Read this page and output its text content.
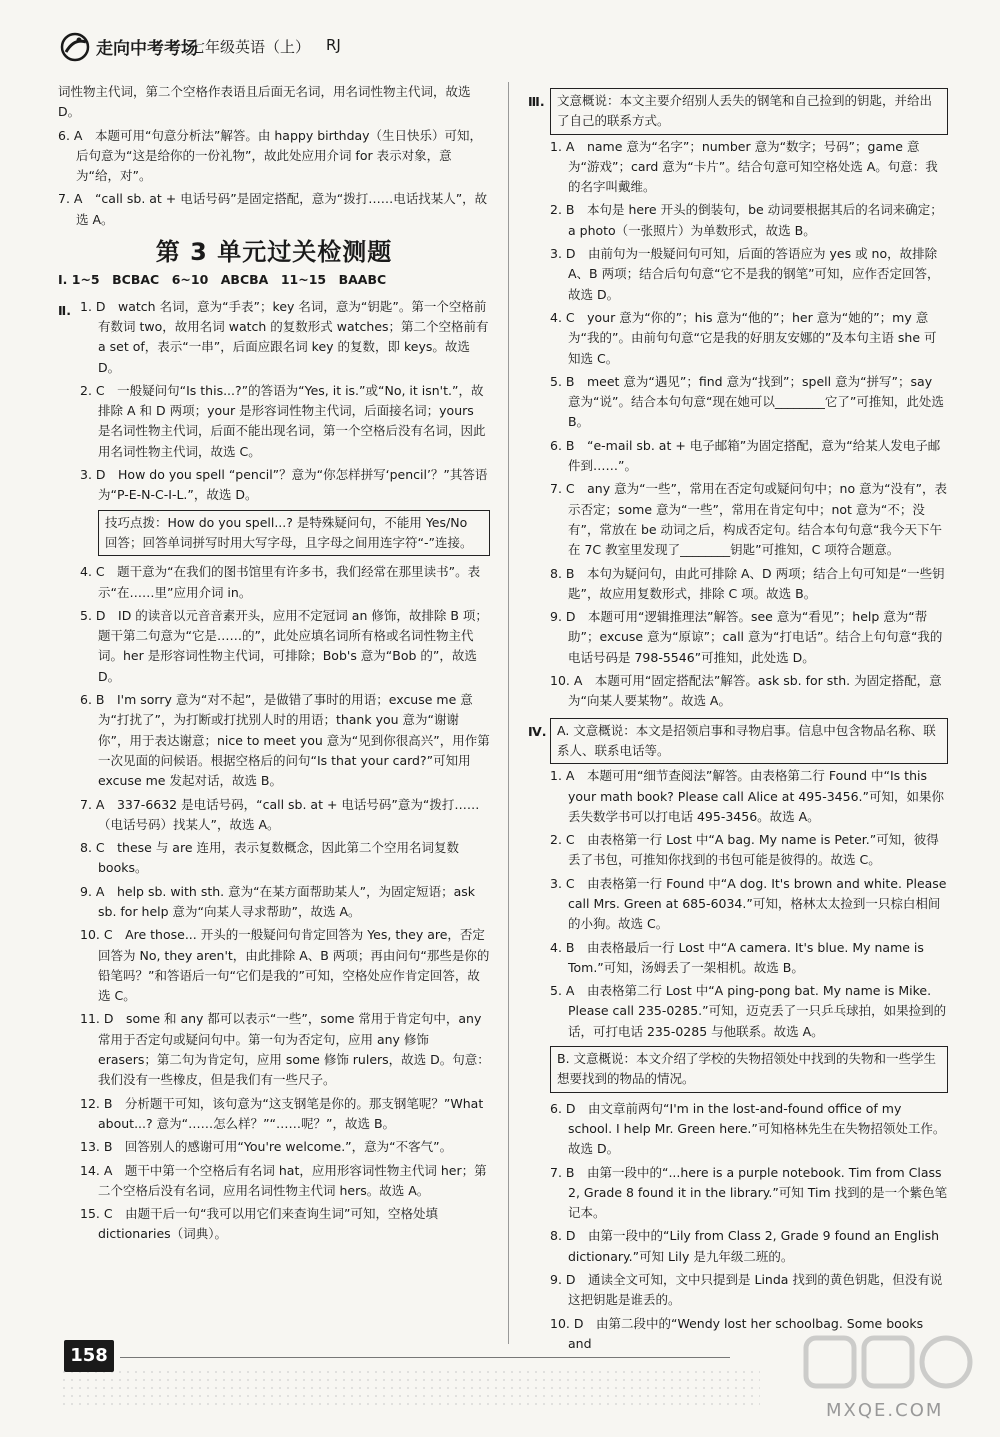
走向中考考场
七年级英语（上） RJ

词性物主代词，第二个空格作表语且后面无名词，用名词性物主代词，故选 D。

6. A　本题可用“句意分析法”解答。由 happy birthday（生日快乐）可知，后句意为“这是给你的一份礼物”，故此处应用介词 for 表示对象，意为“给，对”。

7. A　“call sb. at + 电话号码”是固定搭配，意为“拨打……电话找某人”，故选 A。

第 3 单元过关检测题

Ⅰ. 1~5　BCBAC　6~10　ABCBA　11~15　BAABC

Ⅱ. 1. D　watch 名词，意为“手表”；key 名词，意为“钥匙”。第一个空格前有数词 two，故用名词 watch 的复数形式 watches；第二个空格前有 a set of，表示“一串”，后面应跟名词 key 的复数，即 keys。故选 D。

2. C　一般疑问句“Is this...?”的答语为“Yes, it is.”或“No, it isn't.”，故排除 A 和 D 两项；your 是形容词性物主代词，后面接名词；yours 是名词性物主代词，后面不能出现名词，第一个空格后没有名词，因此用名词性物主代词，故选 C。

3. D　How do you spell “pencil”？意为“你怎样拼写‘pencil’？”其答语为“P-E-N-C-I-L.”，故选 D。

技巧点拨：How do you spell...? 是特殊疑问句，不能用 Yes/No 回答；回答单词拼写时用大写字母，且字母之间用连字符“-”连接。

4. C　题干意为“在我们的图书馆里有许多书，我们经常在那里读书”。表示“在……里”应用介词 in。

5. D　ID 的读音以元音音素开头，应用不定冠词 an 修饰，故排除 B 项；题干第二句意为“它是……的”，此处应填名词所有格或名词性物主代词。her 是形容词性物主代词，可排除；Bob's 意为“Bob 的”，故选 D。

6. B　I'm sorry 意为“对不起”，是做错了事时的用语；excuse me 意为“打扰了”，为打断或打扰别人时的用语；thank you 意为“谢谢你”，用于表达谢意；nice to meet you 意为“见到你很高兴”，用作第一次见面的问候语。根据空格后的问句“Is that your card?”可知用 excuse me 发起对话，故选 B。

7. A　337-6632 是电话号码，“call sb. at + 电话号码”意为“拨打……（电话号码）找某人”，故选 A。

8. C　these 与 are 连用，表示复数概念，因此第二个空用名词复数 books。

9. A　help sb. with sth. 意为“在某方面帮助某人”，为固定短语；ask sb. for help 意为“向某人寻求帮助”，故选 A。

10. C　Are those... 开头的一般疑问句肯定回答为 Yes, they are，否定回答为 No, they aren't，由此排除 A、B 两项；再由问句“那些是你的铅笔吗？”和答语后一句“它们是我的”可知，空格处应作肯定回答，故选 C。

11. D　some 和 any 都可以表示“一些”，some 常用于肯定句中，any 常用于否定句或疑问句中。第一句为否定句，应用 any 修饰 erasers；第二句为肯定句，应用 some 修饰 rulers，故选 D。句意：我们没有一些橡皮，但是我们有一些尺子。

12. B　分析题干可知，该句意为“这支钢笔是你的。那支钢笔呢？”What about...? 意为“……怎么样？”“……呢？”，故选 B。

13. B　回答别人的感谢可用“You're welcome.”，意为“不客气”。

14. A　题干中第一个空格后有名词 hat，应用形容词性物主代词 her；第二个空格后没有名词，应用名词性物主代词 hers。故选 A。

15. C　由题干后一句“我可以用它们来查询生词”可知，空格处填 dictionaries（词典）。

Ⅲ. 文意概说：本文主要介绍别人丢失的钢笔和自己捡到的钥匙，并给出了自己的联系方式。

1. A　name 意为“名字”；number 意为“数字；号码”；game 意为“游戏”；card 意为“卡片”。结合句意可知空格处选 A。句意：我的名字叫戴维。

2. B　本句是 here 开头的倒装句，be 动词要根据其后的名词来确定；a photo（一张照片）为单数形式，故选 B。

3. D　由前句为一般疑问句可知，后面的答语应为 yes 或 no，故排除 A、B 两项；结合后句句意“它不是我的钢笔”可知，应作否定回答，故选 D。

4. C　your 意为“你的”；his 意为“他的”；her 意为“她的”；my 意为“我的”。由前句句意“它是我的好朋友安娜的”及本句主语 she 可知选 C。

5. B　meet 意为“遇见”；find 意为“找到”；spell 意为“拼写”；say 意为“说”。结合本句句意“现在她可以________它了”可推知，此处选 B。

6. B　“e-mail sb. at + 电子邮箱”为固定搭配，意为“给某人发电子邮件到……”。

7. C　any 意为“一些”，常用在否定句或疑问句中；no 意为“没有”，表示否定；some 意为“一些”，常用在肯定句中；not 意为“不；没有”，常放在 be 动词之后，构成否定句。结合本句句意“我今天下午在 7C 教室里发现了________钥匙”可推知，C 项符合题意。

8. B　本句为疑问句，由此可排除 A、D 两项；结合上句可知是“一些钥匙”，故应用复数形式，排除 C 项。故选 B。

9. D　本题可用“逻辑推理法”解答。see 意为“看见”；help 意为“帮助”；excuse 意为“原谅”；call 意为“打电话”。结合上句句意“我的电话号码是 798-5546”可推知，此处选 D。

10. A　本题可用“固定搭配法”解答。ask sb. for sth. 为固定搭配，意为“向某人要某物”。故选 A。

Ⅳ. A. 文意概说：本文是招领启事和寻物启事。信息中包含物品名称、联系人、联系电话等。

1. A　本题可用“细节查阅法”解答。由表格第二行 Found 中“Is this your math book? Please call Alice at 495-3456.”可知，如果你丢失数学书可以打电话 495-3456。故选 A。

2. C　由表格第一行 Lost 中“A bag. My name is Peter.”可知，彼得丢了书包，可推知你找到的书包可能是彼得的。故选 C。

3. C　由表格第一行 Found 中“A dog. It's brown and white. Please call Mrs. Green at 685-6034.”可知，格林太太捡到一只棕白相间的小狗。故选 C。

4. B　由表格最后一行 Lost 中“A camera. It's blue. My name is Tom.”可知，汤姆丢了一架相机。故选 B。

5. A　由表格第二行 Lost 中“A ping-pong bat. My name is Mike. Please call 235-0285.”可知，迈克丢了一只乒乓球拍，如果捡到的话，可打电话 235-0285 与他联系。故选 A。

B. 文意概说：本文介绍了学校的失物招领处中找到的失物和一些学生想要找到的物品的情况。

6. D　由文章前两句“I'm in the lost-and-found office of my school. I help Mr. Green here.”可知格林先生在失物招领处工作。故选 D。

7. B　由第一段中的“...here is a purple notebook. Tim from Class 2, Grade 8 found it in the library.”可知 Tim 找到的是一个紫色笔记本。

8. D　由第一段中的“Lily from Class 2, Grade 9 found an English dictionary.”可知 Lily 是九年级二班的。

9. D　通读全文可知，文中只提到是 Linda 找到的黄色钥匙，但没有说这把钥匙是谁丢的。

10. D　由第二段中的“Wendy lost her schoolbag. Some books and

158
MXQE.COM
